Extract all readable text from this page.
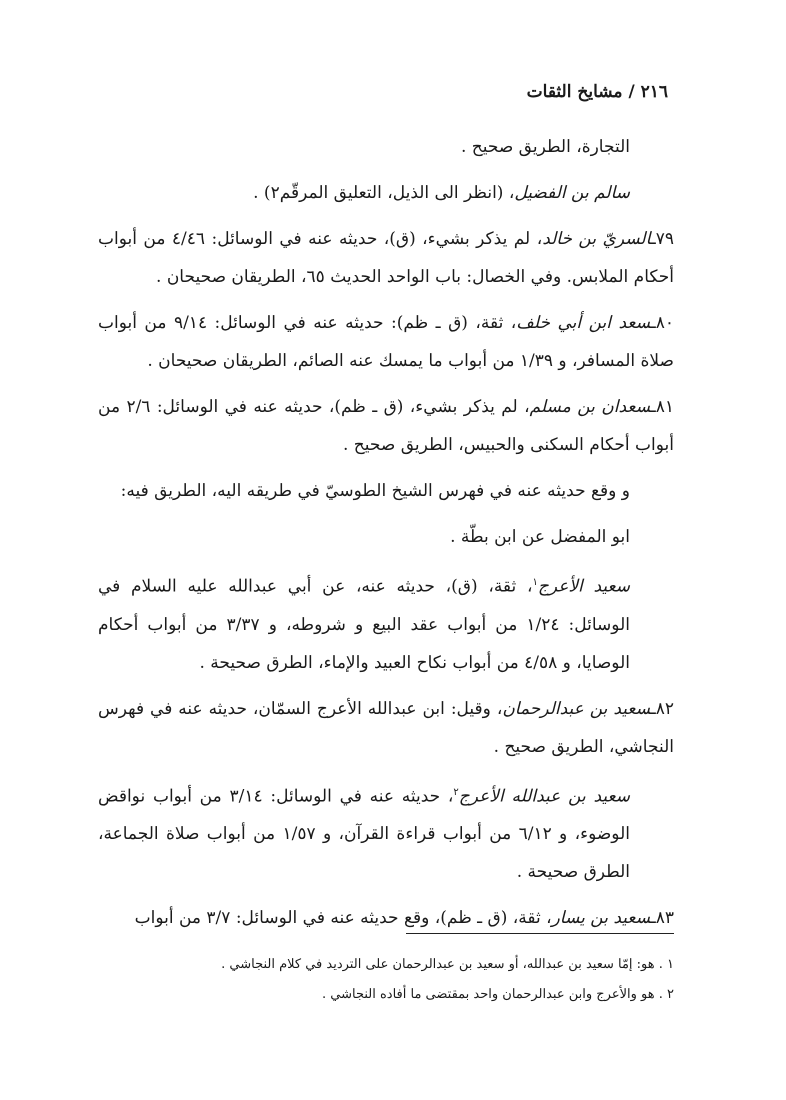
٢١٦ / مشايخ الثقات

التجارة، الطريق صحيح .

سالم بن الفضيل، (انظر الى الذيل، التعليق المرقّم٢) .

٧٩ـالسريّ بن خالد، لم يذكر بشيء، (ق)، حديثه عنه في الوسائل: ٤/٤٦ من أبواب أحكام الملابس. وفي الخصال: باب الواحد الحديث ٦٥، الطريقان صحيحان .

٨٠ـسعد ابن أبي خلف، ثقة، (ق ـ ظم): حديثه عنه في الوسائل: ٩/١٤ من أبواب صلاة المسافر، و ١/٣٩ من أبواب ما يمسك عنه الصائم، الطريقان صحيحان .

٨١ـسعدان بن مسلم، لم يذكر بشيء، (ق ـ ظم)، حديثه عنه في الوسائل: ٢/٦ من أبواب أحكام السكنى والحبيس، الطريق صحيح .

و وقع حديثه عنه في فهرس الشيخ الطوسيّ في طريقه اليه، الطريق فيه:

ابو المفضل عن ابن بطّة .

سعيد الأعرج$^١$، ثقة، (ق)، حديثه عنه، عن أبي عبدالله عليه السلام في الوسائل: ١/٢٤ من أبواب عقد البيع و شروطه، و ٣/٣٧ من أبواب أحكام الوصايا، و ٤/٥٨ من أبواب نكاح العبيد والإماء، الطرق صحيحة .

٨٢ـسعيد بن عبدالرحمان، وقيل: ابن عبدالله الأعرج السمّان، حديثه عنه في فهرس النجاشي، الطريق صحيح .

سعيد بن عبدالله الأعرج$^٢$، حديثه عنه في الوسائل: ٣/١٤ من أبواب نواقض الوضوء، و ٦/١٢ من أبواب قراءة القرآن، و ١/٥٧ من أبواب صلاة الجماعة، الطرق صحيحة .

٨٣ـسعيد بن يسار، ثقة، (ق ـ ظم)، وقع حديثه عنه في الوسائل: ٣/٧ من أبواب

١ . هو: إمّا سعيد بن عبدالله، أو سعيد بن عبدالرحمان على الترديد في كلام النجاشي .

٢ . هو والأعرج وابن عبدالرحمان واحد بمقتضى ما أفاده النجاشي .
